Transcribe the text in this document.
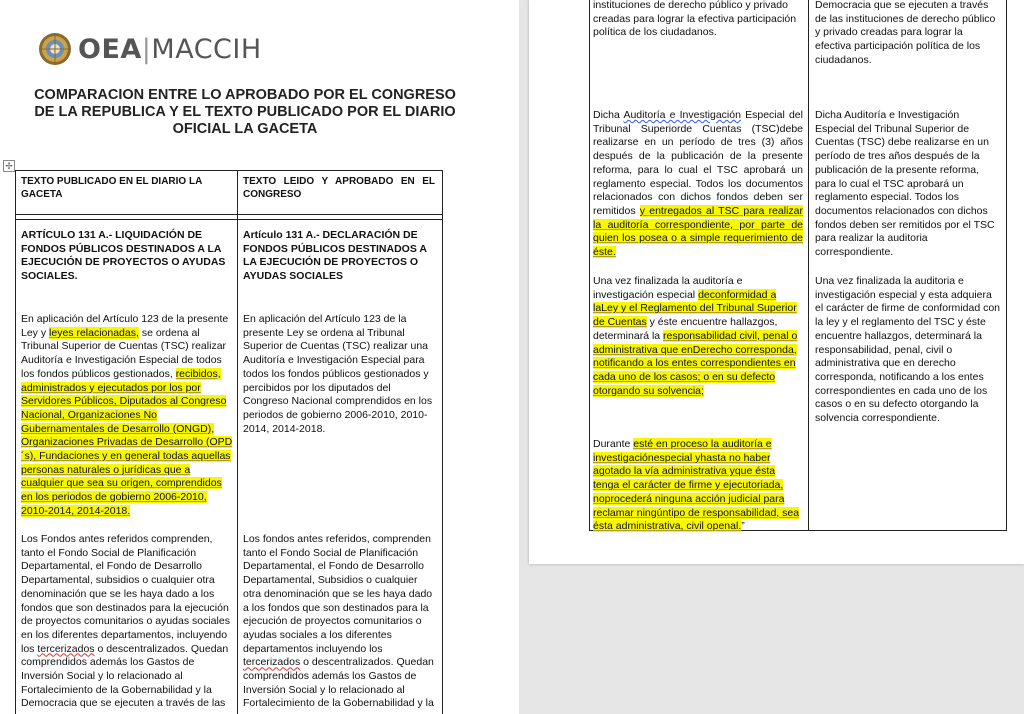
OEA|MACCIH
COMPARACION ENTRE LO APROBADO POR EL CONGRESO DE LA REPUBLICA Y EL TEXTO PUBLICADO POR EL DIARIO OFICIAL LA GACETA
✢
TEXTO PUBLICADO EN EL DIARIO LA GACETA
TEXTO LEIDO Y APROBADO EN EL CONGRESO
ARTÍCULO 131 A.- LIQUIDACIÓN DE FONDOS PÚBLICOS DESTINADOS A LA EJECUCIÓN DE PROYECTOS O AYUDAS SOCIALES.
Artículo 131 A.- DECLARACIÓN DE FONDOS PÚBLICOS DESTINADOS A LA EJECUCIÓN DE PROYECTOS O AYUDAS SOCIALES
En aplicación del Artículo 123 de la presente Ley y leyes relacionadas, se ordena al Tribunal Superior de Cuentas (TSC) realizar Auditoría e Investigación Especial de todos los fondos públicos gestionados, recibidos, administrados y ejecutados por los por Servidores Públicos, Diputados al Congreso Nacional, Organizaciones No Gubernamentales de Desarrollo (ONGD), Organizaciones Privadas de Desarrollo (OPD´s), Fundaciones y en general todas aquellas personas naturales o jurídicas que a cualquier que sea su origen, comprendidos en los periodos de gobierno 2006-2010, 2010-2014, 2014-2018.
En aplicación del Artículo 123 de la presente Ley se ordena al Tribunal Superior de Cuentas (TSC) realizar una Auditoría e Investigación Especial para todos los fondos públicos gestionados y percibidos por los diputados del Congreso Nacional comprendidos en los periodos de gobierno 2006-2010, 2010-2014, 2014-2018.
Los Fondos antes referidos comprenden, tanto el Fondo Social de Planificación Departamental, el Fondo de Desarrollo Departamental, subsidios o cualquier otra denominación que se les haya dado a los fondos que son destinados para la ejecución de proyectos comunitarios o ayudas sociales en los diferentes departamentos, incluyendo los tercerizados o descentralizados. Quedan comprendidos además los Gastos de Inversión Social y lo relacionado al Fortalecimiento de la Gobernabilidad y la Democracia que se ejecuten a través de las
Los fondos antes referidos, comprenden tanto el Fondo Social de Planificación Departamental, el Fondo de Desarrollo Departamental, Subsidios o cualquier otra denominación que se les haya dado a los fondos que son destinados para la ejecución de proyectos comunitarios o ayudas sociales a los diferentes departamentos incluyendo los tercerizados o descentralizados. Quedan comprendidos además los Gastos de Inversión Social y lo relacionado al Fortalecimiento de la Gobernabilidad y la
instituciones de derecho público y privado creadas para lograr la efectiva participación política de los ciudadanos.
Dicha Auditoría e Investigación Especial del Tribunal Superiorde Cuentas (TSC)debe realizarse en un período de tres (3) años después de la publicación de la presente reforma, para lo cual el TSC aprobará un reglamento especial. Todos los documentos relacionados con dichos fondos deben ser remitidos y entregados al TSC para realizar la auditoría correspondiente, por parte de quien los posea o a simple requerimiento de éste.
Una vez finalizada la auditoría e investigación especial deconformidad a laLey y el Reglamento del Tribunal Superior de Cuentas y éste encuentre hallazgos, determinará la responsabilidad civil, penal o administrativa que enDerecho corresponda, notificando a los entes correspondientes en cada uno de los casos; o en su defecto otorgando su solvencia;
Durante esté en proceso la auditoría e investigaciónespecial yhasta no haber agotado la vía administrativa yque ésta tenga el carácter de firme y ejecutoriada, noprocederá ninguna acción judicial para reclamar ningúntipo de responsabilidad, sea ésta administrativa, civil openal.”
Democracia que se ejecuten a través de las instituciones de derecho público y privado creadas para lograr la efectiva participación política de los ciudadanos.
Dicha Auditoría e Investigación Especial del Tribunal Superior de Cuentas (TSC) debe realizarse en un período de tres años después de la publicación de la presente reforma, para lo cual el TSC aprobará un reglamento especial. Todos los documentos relacionados con dichos fondos deben ser remitidos por el TSC para realizar la auditoria correspondiente.
Una vez finalizada la auditoria e investigación especial y esta adquiera el carácter de firme de conformidad con la ley y el reglamento del TSC y éste encuentre hallazgos, determinará la responsabilidad, penal, civil o administrativa que en derecho corresponda, notificando a los entes correspondientes en cada uno de los casos o en su defecto otorgando la solvencia correspondiente.
